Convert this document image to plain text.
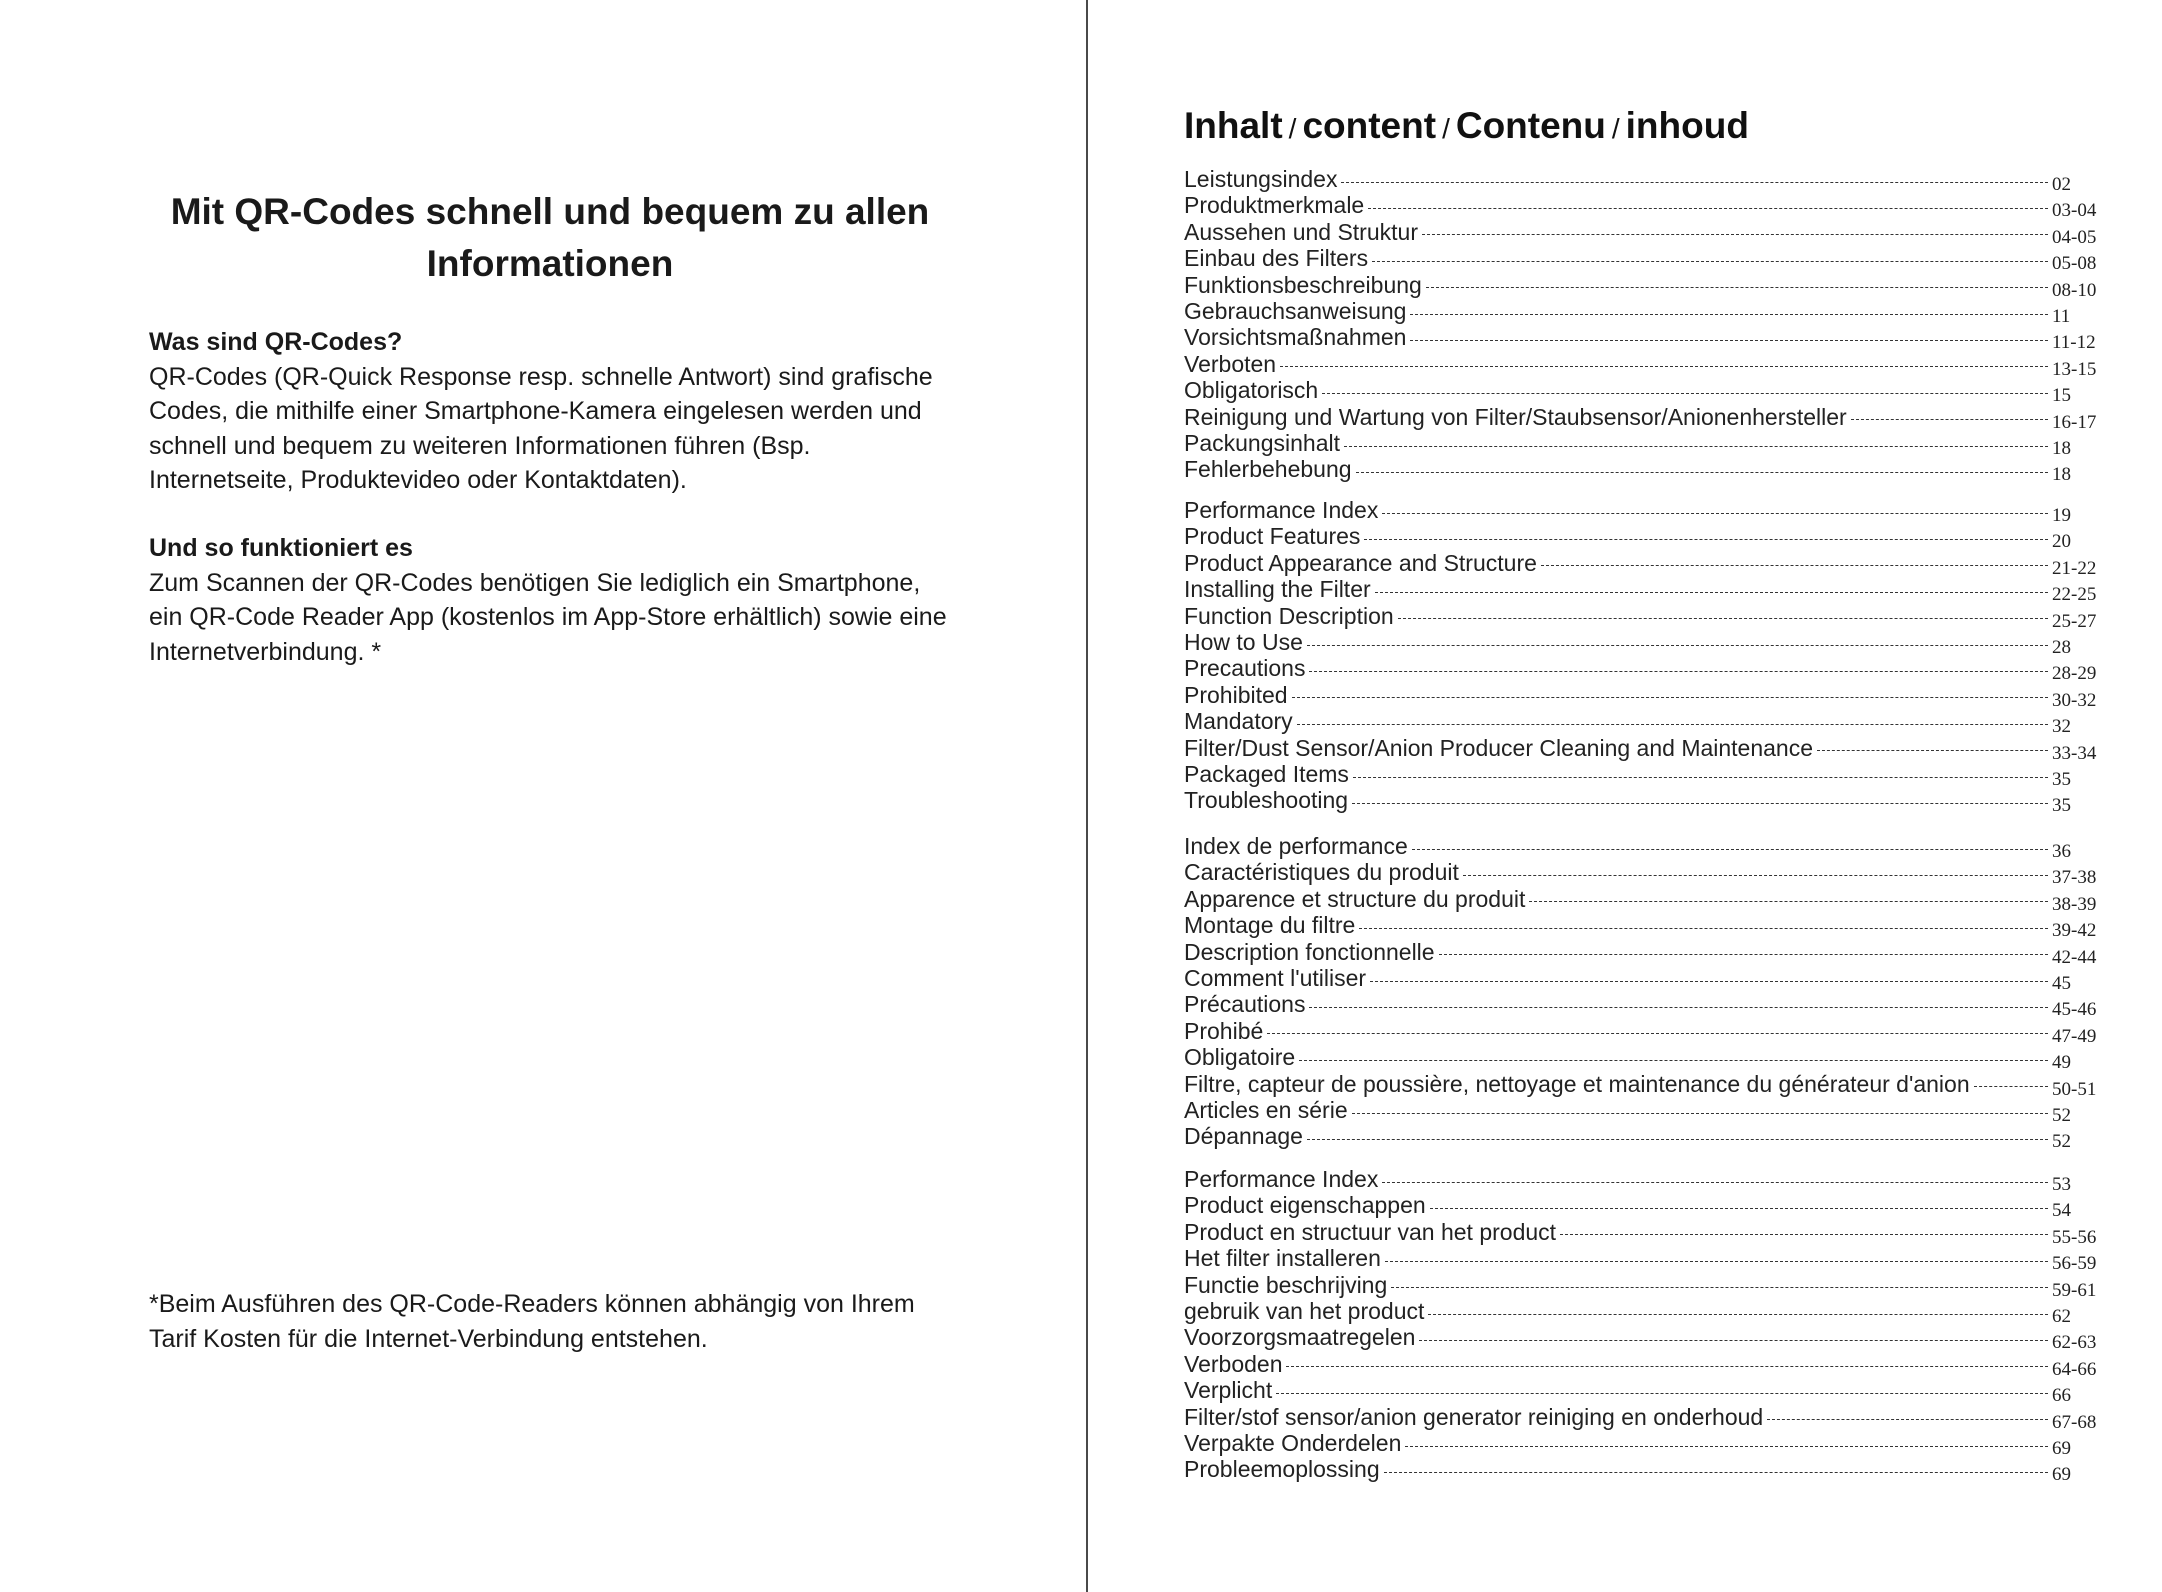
Mit QR-Codes schnell und bequem zu allen Informationen

Was sind QR-Codes?

QR-Codes (QR-Quick Response resp. schnelle Antwort) sind grafische Codes, die mithilfe einer Smartphone-Kamera eingelesen werden und schnell und bequem zu weiteren Informationen führen (Bsp. Internetseite, Produktevideo oder Kontaktdaten).

Und so funktioniert es

Zum Scannen der QR-Codes benötigen Sie lediglich ein Smartphone, ein QR-Code Reader App (kostenlos im App-Store erhältlich) sowie eine Internetverbindung. *

*Beim Ausführen des QR-Code-Readers können abhängig von Ihrem Tarif Kosten für die Internet-Verbindung entstehen.

Inhalt / content / Contenu / inhoud
Leistungsindex	02
Produktmerkmale	03-04
Aussehen und Struktur	04-05
Einbau des Filters	05-08
Funktionsbeschreibung	08-10
Gebrauchsanweisung	11
Vorsichtsmaßnahmen	11-12
Verboten	13-15
Obligatorisch	15
Reinigung und Wartung von Filter/Staubsensor/Anionenhersteller	16-17
Packungsinhalt	18
Fehlerbehebung	18
Performance Index	19
Product Features	20
Product Appearance and Structure	21-22
Installing the Filter	22-25
Function Description	25-27
How to Use	28
Precautions	28-29
Prohibited	30-32
Mandatory	32
Filter/Dust Sensor/Anion Producer Cleaning and Maintenance	33-34
Packaged Items	35
Troubleshooting	35
Index de performance	36
Caractéristiques du produit	37-38
Apparence et structure du produit	38-39
Montage du filtre	39-42
Description fonctionnelle	42-44
Comment l'utiliser	45
Précautions	45-46
Prohibé	47-49
Obligatoire	49
Filtre, capteur de poussière, nettoyage et maintenance du générateur d'anion	50-51
Articles en série	52
Dépannage	52
Performance Index	53
Product eigenschappen	54
Product en structuur van het product	55-56
Het filter installeren	56-59
Functie beschrijving	59-61
gebruik van het product	62
Voorzorgsmaatregelen	62-63
Verboden	64-66
Verplicht	66
Filter/stof sensor/anion generator reiniging en onderhoud	67-68
Verpakte Onderdelen	69
Probleemoplossing	69
